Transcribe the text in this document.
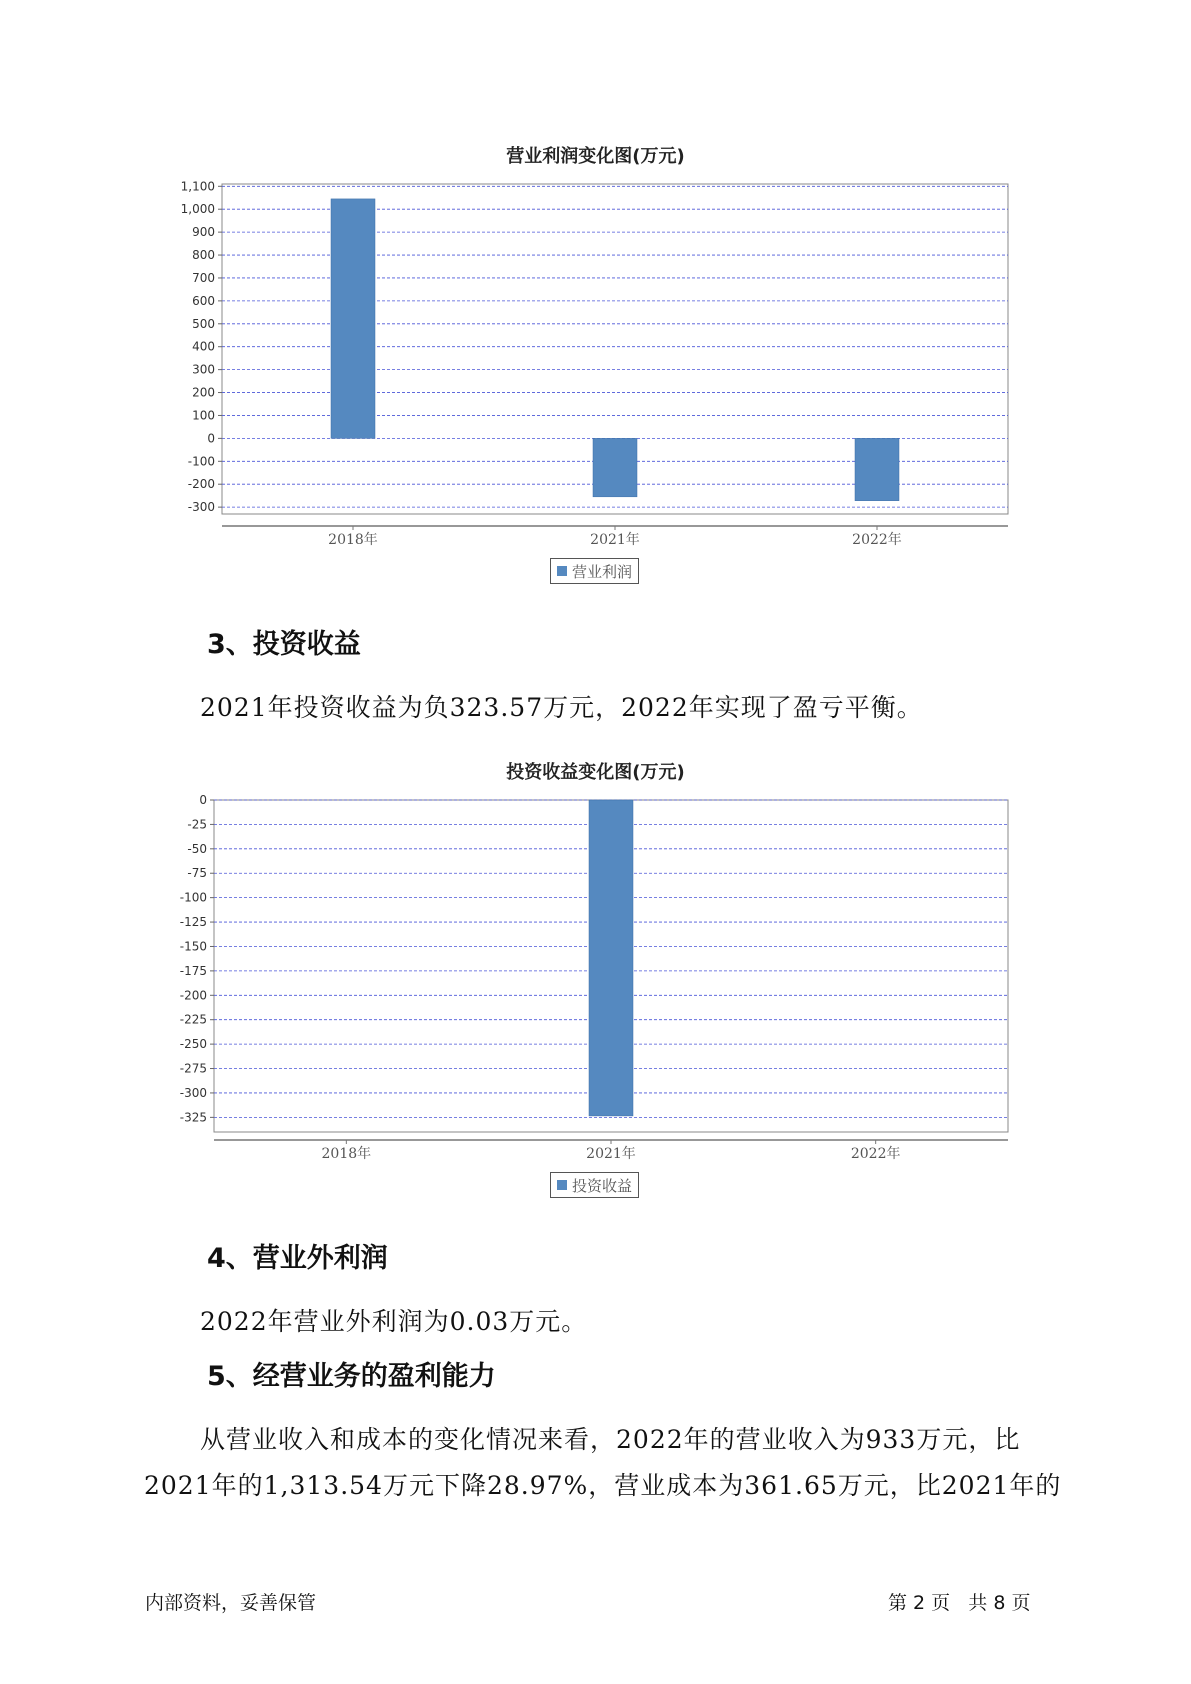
营业利润变化图(万元)
1,100
1,000
900
800
700
600
500
400
300
200
100
0
-100
-200
-300
2018年	2021年	2022年
营业利润
3、投资收益
2021年投资收益为负323.57万元，2022年实现了盈亏平衡。
投资收益变化图(万元)
0
-25
-50
-75
-100
-125
-150
-175
-200
-225
-250
-275
-300
-325
2018年	2021年	2022年
投资收益
4、营业外利润
2022年营业外利润为0.03万元。
5、经营业务的盈利能力
从营业收入和成本的变化情况来看，2022年的营业收入为933万元，比
2021年的1,313.54万元下降28.97%，营业成本为361.65万元，比2021年的
内部资料，妥善保管	第 2 页   共 8 页
